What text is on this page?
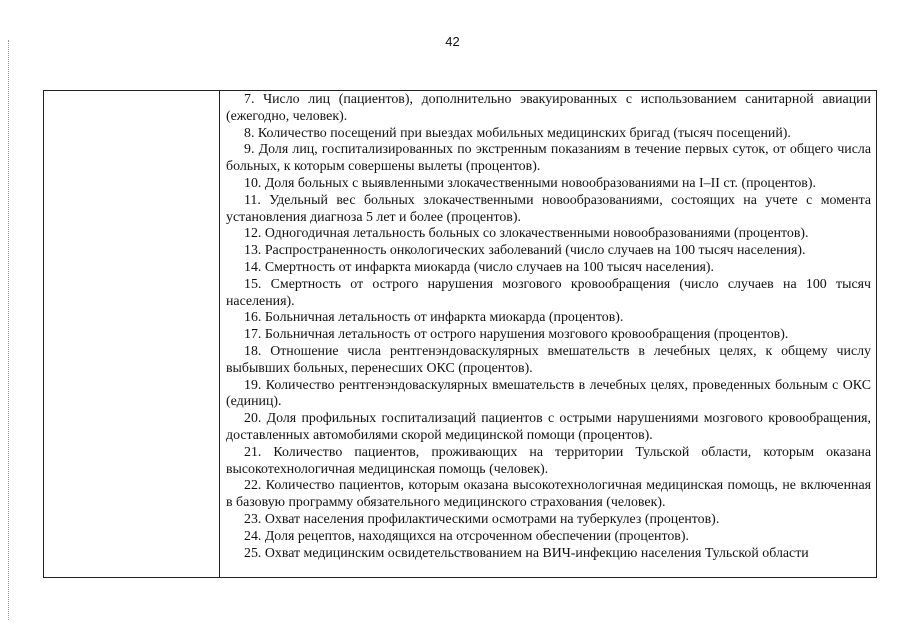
42

7. Число лиц (пациентов), дополнительно эвакуированных с использованием санитарной авиации (ежегодно, человек).

8. Количество посещений при выездах мобильных медицинских бригад (тысяч посещений).

9. Доля лиц, госпитализированных по экстренным показаниям в течение первых суток, от общего числа больных, к которым совершены вылеты (процентов).

10. Доля больных с выявленными злокачественными новообразованиями на I–II ст. (процентов).

11. Удельный вес больных злокачественными новообразованиями, состоящих на учете с момента установления диагноза 5 лет и более (процентов).

12. Одногодичная летальность больных со злокачественными новообразованиями (процентов).

13. Распространенность онкологических заболеваний (число случаев на 100 тысяч населения).

14. Смертность от инфаркта миокарда (число случаев на 100 тысяч населения).

15. Смертность от острого нарушения мозгового кровообращения (число случаев на 100 тысяч населения).

16. Больничная летальность от инфаркта миокарда (процентов).

17. Больничная летальность от острого нарушения мозгового кровообращения (процентов).

18. Отношение числа рентгенэндоваскулярных вмешательств в лечебных целях, к общему числу выбывших больных, перенесших ОКС (процентов).

19. Количество рентгенэндоваскулярных вмешательств в лечебных целях, проведенных больным с ОКС (единиц).

20. Доля профильных госпитализаций пациентов с острыми нарушениями мозгового кровообращения, доставленных автомобилями скорой медицинской помощи (процентов).

21. Количество пациентов, проживающих на территории Тульской области, которым оказана высокотехнологичная медицинская помощь (человек).

22. Количество пациентов, которым оказана высокотехнологичная медицинская помощь, не включенная в базовую программу обязательного медицинского страхования (человек).

23. Охват населения профилактическими осмотрами на туберкулез (процентов).

24. Доля рецептов, находящихся на отсроченном обеспечении (процентов).

25. Охват медицинским освидетельствованием на ВИЧ-инфекцию населения Тульской области
